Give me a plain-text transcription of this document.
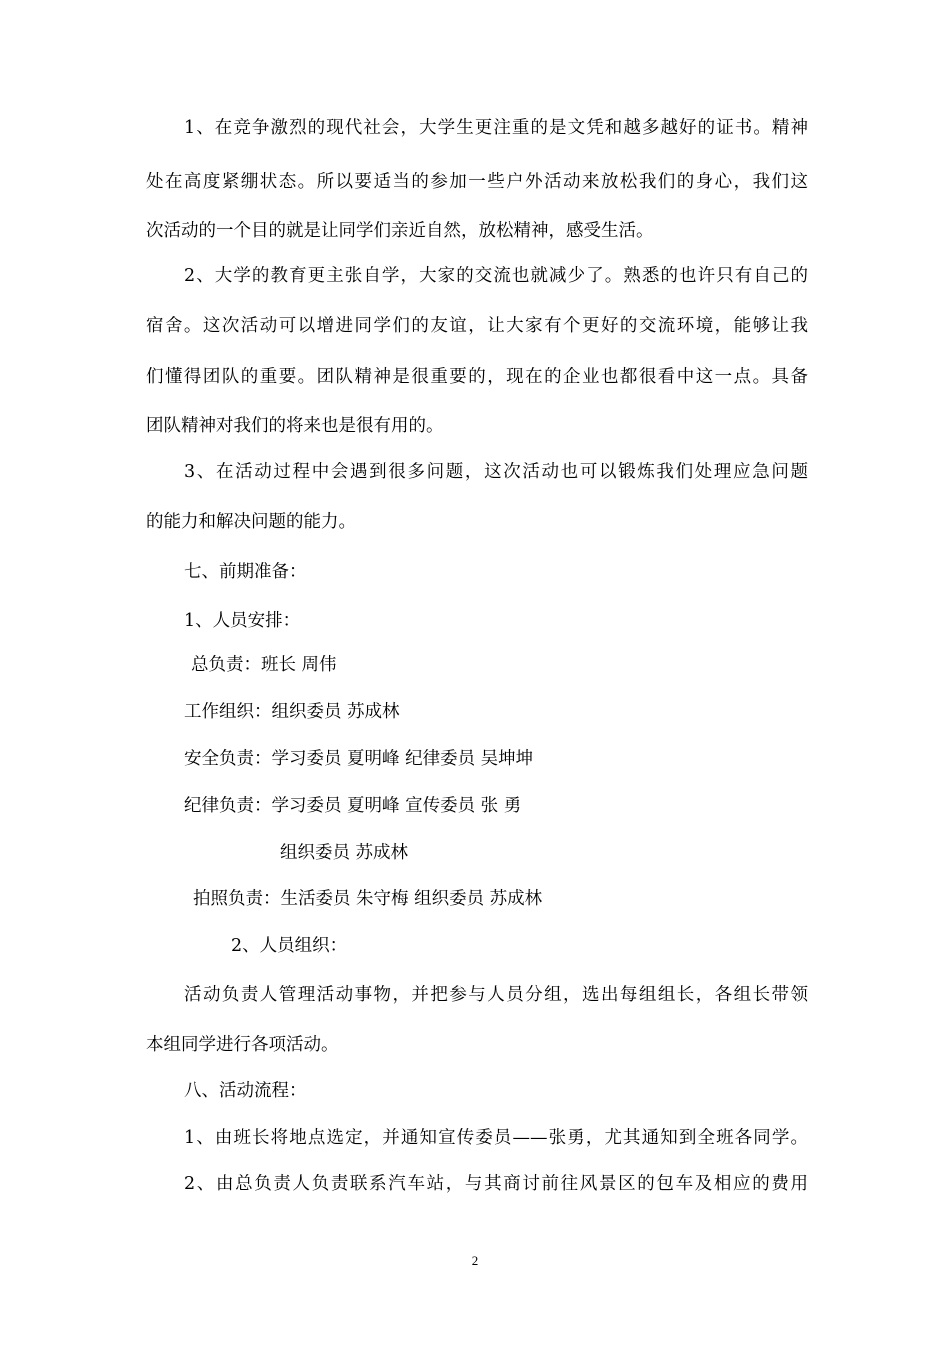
1、在竞争激烈的现代社会，大学生更注重的是文凭和越多越好的证书。精神
处在高度紧绷状态。所以要适当的参加一些户外活动来放松我们的身心，我们这
次活动的一个目的就是让同学们亲近自然，放松精神，感受生活。
2、大学的教育更主张自学，大家的交流也就减少了。熟悉的也许只有自己的
宿舍。这次活动可以增进同学们的友谊，让大家有个更好的交流环境，能够让我
们懂得团队的重要。团队精神是很重要的，现在的企业也都很看中这一点。具备
团队精神对我们的将来也是很有用的。
3、在活动过程中会遇到很多问题，这次活动也可以锻炼我们处理应急问题
的能力和解决问题的能力。
七、前期准备：
1、人员安排：
总负责：班长 周伟
工作组织：组织委员 苏成林
安全负责：学习委员 夏明峰 纪律委员 吴坤坤
纪律负责：学习委员 夏明峰 宣传委员 张 勇
组织委员 苏成林
拍照负责：生活委员 朱守梅 组织委员 苏成林
2、人员组织：
活动负责人管理活动事物，并把参与人员分组，选出每组组长，各组长带领
本组同学进行各项活动。
八、活动流程：
1、由班长将地点选定，并通知宣传委员——张勇，尤其通知到全班各同学。
2、由总负责人负责联系汽车站，与其商讨前往风景区的包车及相应的费用
2
